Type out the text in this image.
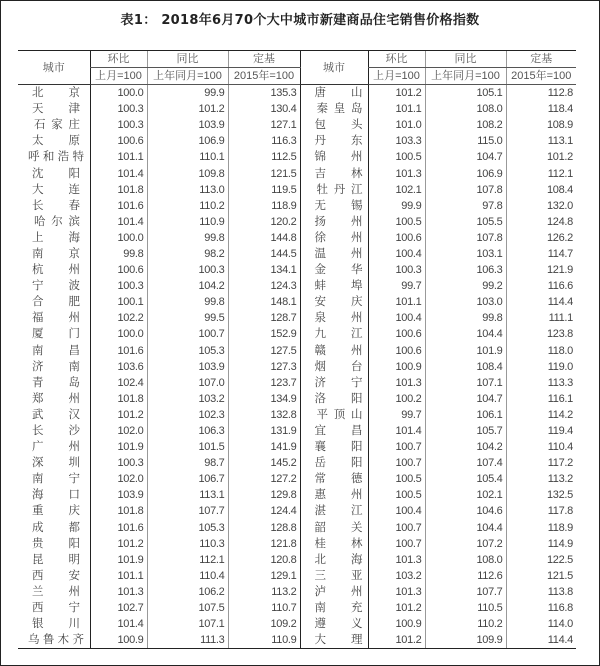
表1： 2018年6月70个大中城市新建商品住宅销售价格指数
城市	环比	同比	定基	城市	环比	同比	定基
	上月=100	上年同月=100	2015年=100		上月=100	上年同月=100	2015年=100
北京	100.0	99.9	135.3	唐山	101.2	105.1	112.8
天津	100.3	101.2	130.4	秦皇岛	101.1	108.0	118.4
石家庄	100.3	103.9	127.1	包头	101.0	108.2	108.9
太原	100.6	106.9	116.3	丹东	103.3	115.0	113.1
呼和浩特	101.1	110.1	112.5	锦州	100.5	104.7	101.2
沈阳	101.4	109.8	121.5	吉林	101.3	106.9	112.1
大连	101.8	113.0	119.5	牡丹江	102.1	107.8	108.4
长春	101.6	110.2	118.9	无锡	99.9	97.8	132.0
哈尔滨	101.4	110.9	120.2	扬州	100.5	105.5	124.8
上海	100.0	99.8	144.8	徐州	100.6	107.8	126.2
南京	99.8	98.2	144.5	温州	100.4	103.1	114.7
杭州	100.6	100.3	134.1	金华	100.3	106.3	121.9
宁波	100.3	104.2	124.3	蚌埠	99.7	99.2	116.6
合肥	100.1	99.8	148.1	安庆	101.1	103.0	114.4
福州	102.2	99.5	128.7	泉州	100.4	99.8	111.1
厦门	100.0	100.7	152.9	九江	100.6	104.4	123.8
南昌	101.6	105.3	127.5	赣州	100.6	101.9	118.0
济南	103.6	103.9	127.3	烟台	100.9	108.4	119.0
青岛	102.4	107.0	123.7	济宁	101.3	107.1	113.3
郑州	101.8	103.2	134.9	洛阳	100.2	104.7	116.1
武汉	101.2	102.3	132.8	平顶山	99.7	106.1	114.2
长沙	102.0	106.3	131.9	宜昌	101.4	105.7	119.4
广州	101.9	101.5	141.9	襄阳	100.7	104.2	110.4
深圳	100.3	98.7	145.2	岳阳	100.7	107.4	117.2
南宁	102.0	106.7	127.2	常德	100.5	105.4	113.2
海口	103.9	113.1	129.8	惠州	100.5	102.1	132.5
重庆	101.8	107.7	124.4	湛江	100.4	104.6	117.8
成都	101.6	105.3	128.8	韶关	100.7	104.4	118.9
贵阳	101.2	110.3	121.8	桂林	100.7	107.2	114.9
昆明	101.9	112.1	120.8	北海	101.3	108.0	122.5
西安	101.1	110.4	129.1	三亚	103.2	112.6	121.5
兰州	101.3	106.2	113.2	泸州	101.3	107.7	113.8
西宁	102.7	107.5	110.7	南充	101.2	110.5	116.8
银川	101.4	107.1	109.2	遵义	100.9	110.2	114.0
乌鲁木齐	100.9	111.3	110.9	大理	101.2	109.9	114.4
